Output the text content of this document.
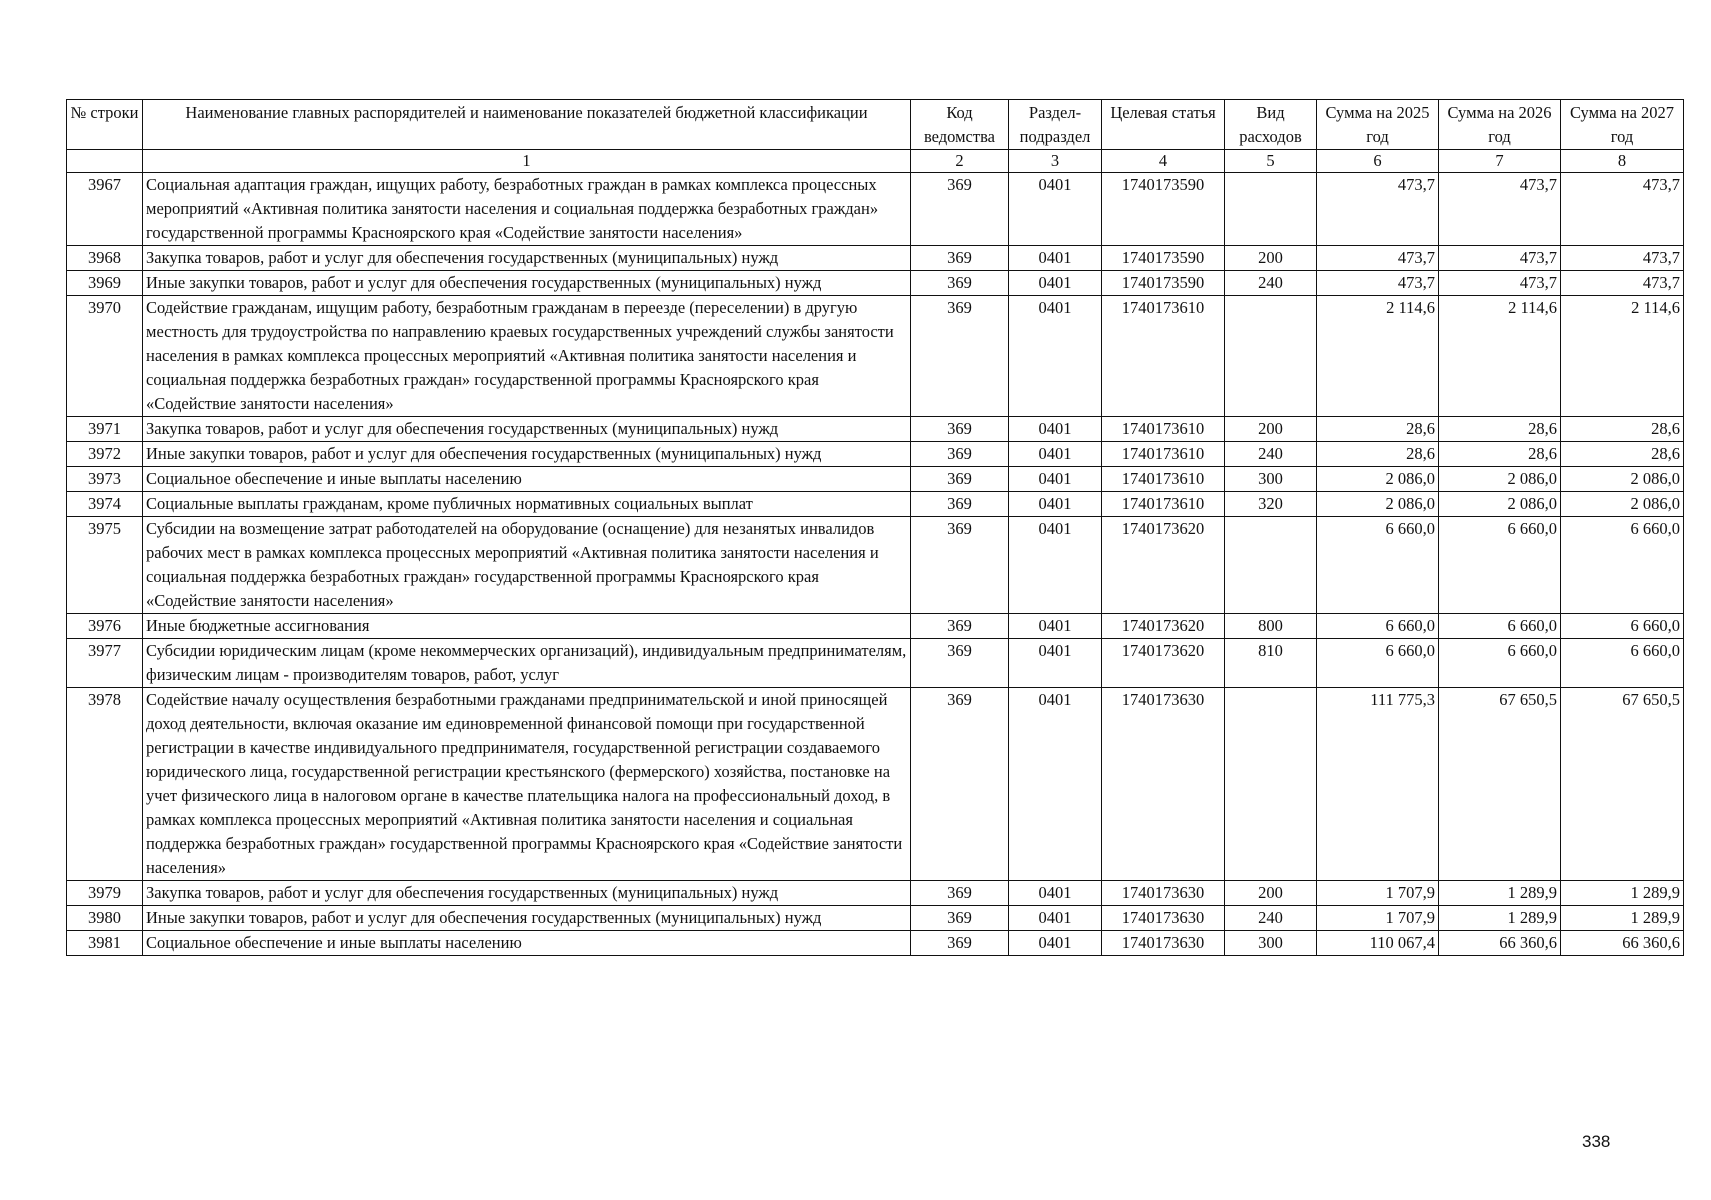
№ строки	Наименование главных распорядителей и наименование показателей бюджетной классификации	Код ведомства	Раздел-подраздел	Целевая статья	Вид расходов	Сумма на 2025 год	Сумма на 2026 год	Сумма на 2027 год
	1	2	3	4	5	6	7	8
3967	Социальная адаптация граждан, ищущих работу, безработных граждан в рамках комплекса процессных мероприятий «Активная политика занятости населения и социальная поддержка безработных граждан» государственной программы Красноярского края «Содействие занятости населения»	369	0401	1740173590		473,7	473,7	473,7
3968	Закупка товаров, работ и услуг для обеспечения государственных (муниципальных) нужд	369	0401	1740173590	200	473,7	473,7	473,7
3969	Иные закупки товаров, работ и услуг для обеспечения государственных (муниципальных) нужд	369	0401	1740173590	240	473,7	473,7	473,7
3970	Содействие гражданам, ищущим работу, безработным гражданам в переезде (переселении) в другую местность для трудоустройства по направлению краевых государственных учреждений службы занятости населения в рамках комплекса процессных мероприятий «Активная политика занятости населения и социальная поддержка безработных граждан» государственной программы Красноярского края «Содействие занятости населения»	369	0401	1740173610		2 114,6	2 114,6	2 114,6
3971	Закупка товаров, работ и услуг для обеспечения государственных (муниципальных) нужд	369	0401	1740173610	200	28,6	28,6	28,6
3972	Иные закупки товаров, работ и услуг для обеспечения государственных (муниципальных) нужд	369	0401	1740173610	240	28,6	28,6	28,6
3973	Социальное обеспечение и иные выплаты населению	369	0401	1740173610	300	2 086,0	2 086,0	2 086,0
3974	Социальные выплаты гражданам, кроме публичных нормативных социальных выплат	369	0401	1740173610	320	2 086,0	2 086,0	2 086,0
3975	Субсидии на возмещение затрат работодателей на оборудование (оснащение) для незанятых инвалидов рабочих мест в рамках комплекса процессных мероприятий «Активная политика занятости населения и социальная поддержка безработных граждан» государственной программы Красноярского края «Содействие занятости населения»	369	0401	1740173620		6 660,0	6 660,0	6 660,0
3976	Иные бюджетные ассигнования	369	0401	1740173620	800	6 660,0	6 660,0	6 660,0
3977	Субсидии юридическим лицам (кроме некоммерческих организаций), индивидуальным предпринимателям, физическим лицам - производителям товаров, работ, услуг	369	0401	1740173620	810	6 660,0	6 660,0	6 660,0
3978	Содействие началу осуществления безработными гражданами предпринимательской и иной приносящей доход деятельности, включая оказание им единовременной финансовой помощи при государственной регистрации в качестве индивидуального предпринимателя, государственной регистрации создаваемого юридического лица, государственной регистрации крестьянского (фермерского) хозяйства, постановке на учет физического лица в налоговом органе в качестве плательщика налога на профессиональный доход, в рамках комплекса процессных мероприятий «Активная политика занятости населения и социальная поддержка безработных граждан» государственной программы Красноярского края «Содействие занятости населения»	369	0401	1740173630		111 775,3	67 650,5	67 650,5
3979	Закупка товаров, работ и услуг для обеспечения государственных (муниципальных) нужд	369	0401	1740173630	200	1 707,9	1 289,9	1 289,9
3980	Иные закупки товаров, работ и услуг для обеспечения государственных (муниципальных) нужд	369	0401	1740173630	240	1 707,9	1 289,9	1 289,9
3981	Социальное обеспечение и иные выплаты населению	369	0401	1740173630	300	110 067,4	66 360,6	66 360,6
338
